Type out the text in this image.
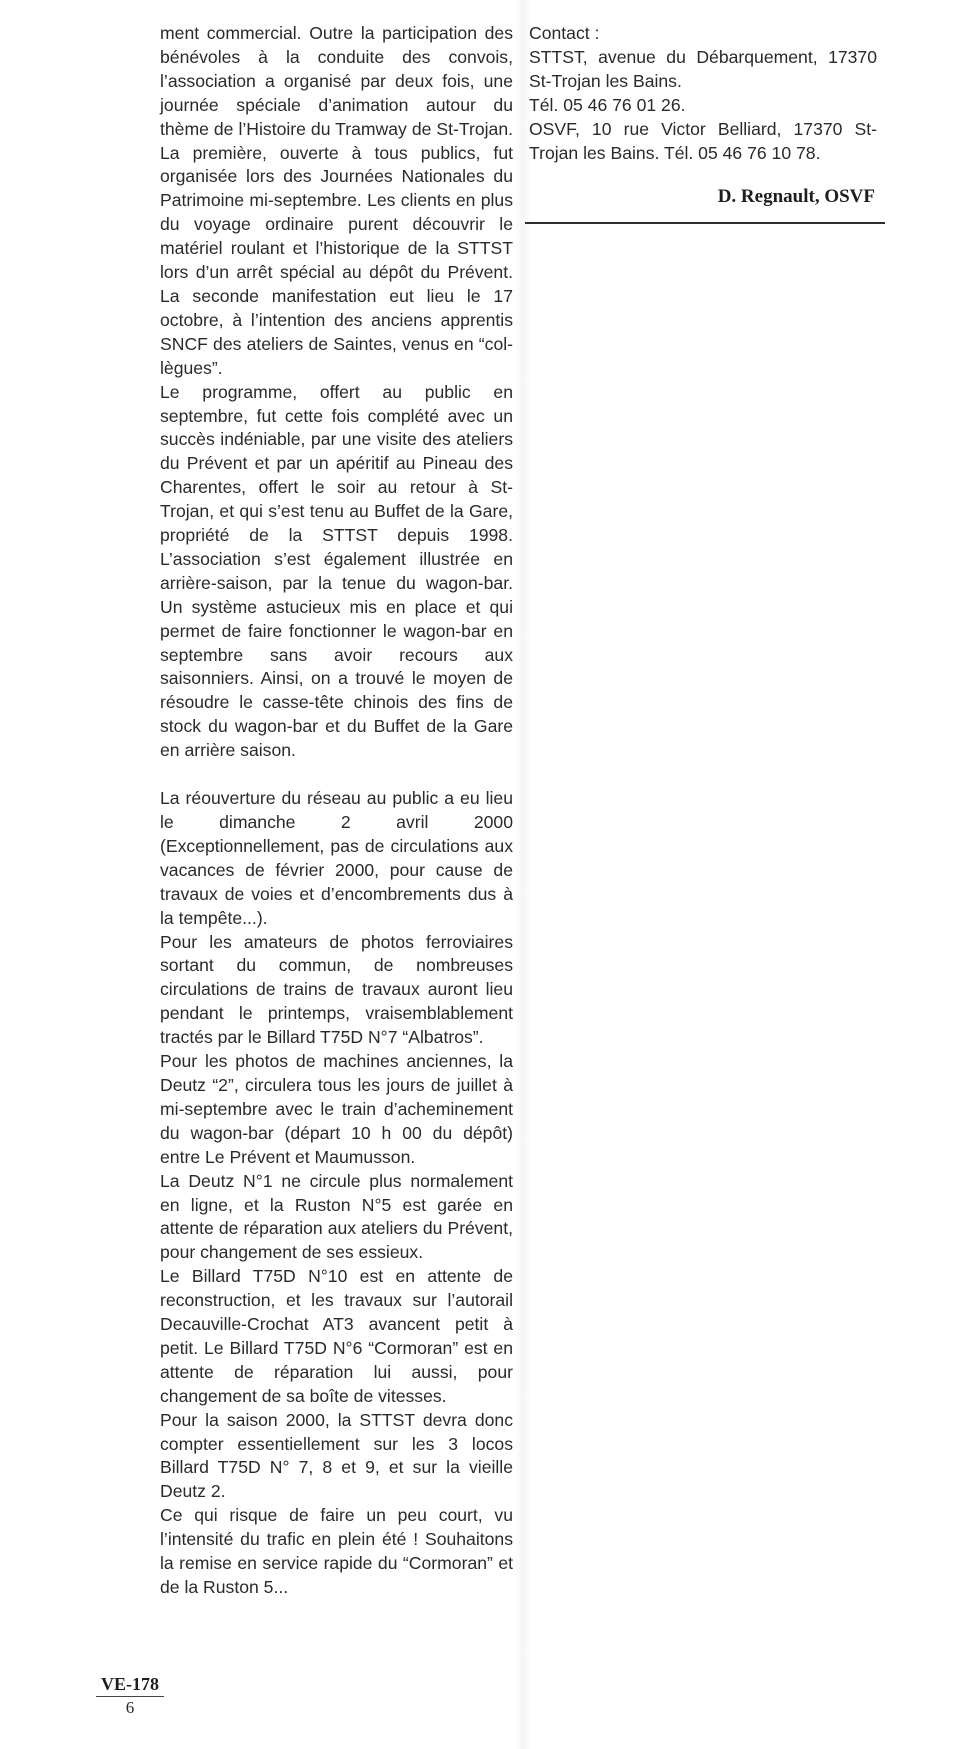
ment commercial. Outre la participation des bénévoles à la conduite des convois, l’association a organisé par deux fois, une journée spéciale d’animation autour du thème de l’Histoire du Tramway de St-Trojan. La première, ouverte à tous publics, fut organisée lors des Journées Nationales du Patrimoine mi-septembre. Les clients en plus du voyage ordinaire purent découvrir le matériel roulant et l’historique de la STTST lors d’un arrêt spécial au dépôt du Prévent. La seconde manifestation eut lieu le 17 octobre, à l’intention des anciens apprentis SNCF des ateliers de Saintes, venus en “col-lègues”.

Le programme, offert au public en septembre, fut cette fois complété avec un succès indéniable, par une visite des ateliers du Prévent et par un apéritif au Pineau des Charentes, offert le soir au retour à St-Trojan, et qui s’est tenu au Buffet de la Gare, propriété de la STTST depuis 1998. L’association s’est également illustrée en arrière-saison, par la tenue du wagon-bar. Un système astucieux mis en place et qui permet de faire fonctionner le wagon-bar en septembre sans avoir recours aux saisonniers. Ainsi, on a trouvé le moyen de résoudre le casse-tête chinois des fins de stock du wagon-bar et du Buffet de la Gare en arrière saison.

La réouverture du réseau au public a eu lieu le dimanche 2 avril 2000 (Exceptionnellement, pas de circulations aux vacances de février 2000, pour cause de travaux de voies et d’encombrements dus à la tempête...).

Pour les amateurs de photos ferroviaires sortant du commun, de nombreuses circulations de trains de travaux auront lieu pendant le printemps, vraisemblablement tractés par le Billard T75D N°7 “Albatros”.

Pour les photos de machines anciennes, la Deutz “2”, circulera tous les jours de juillet à mi-septembre avec le train d’acheminement du wagon-bar (départ 10 h 00 du dépôt) entre Le Prévent et Maumusson.

La Deutz N°1 ne circule plus normalement en ligne, et la Ruston N°5 est garée en attente de réparation aux ateliers du Prévent, pour changement de ses essieux.

Le Billard T75D N°10 est en attente de reconstruction, et les travaux sur l’autorail Decauville-Crochat AT3 avancent petit à petit. Le Billard T75D N°6 “Cormoran” est en attente de réparation lui aussi, pour changement de sa boîte de vitesses.

Pour la saison 2000, la STTST devra donc compter essentiellement sur les 3 locos Billard T75D N° 7, 8 et 9, et sur la vieille Deutz 2.

Ce qui risque de faire un peu court, vu l’intensité du trafic en plein été ! Souhaitons la remise en service rapide du “Cormoran” et de la Ruston 5...

Contact :

STTST, avenue du Débarquement, 17370 St-Trojan les Bains.

Tél. 05 46 76 01 26.

OSVF, 10 rue Victor Belliard, 17370 St-Trojan les Bains. Tél. 05 46 76 10 78.

D. Regnault, OSVF
VE-178
6
